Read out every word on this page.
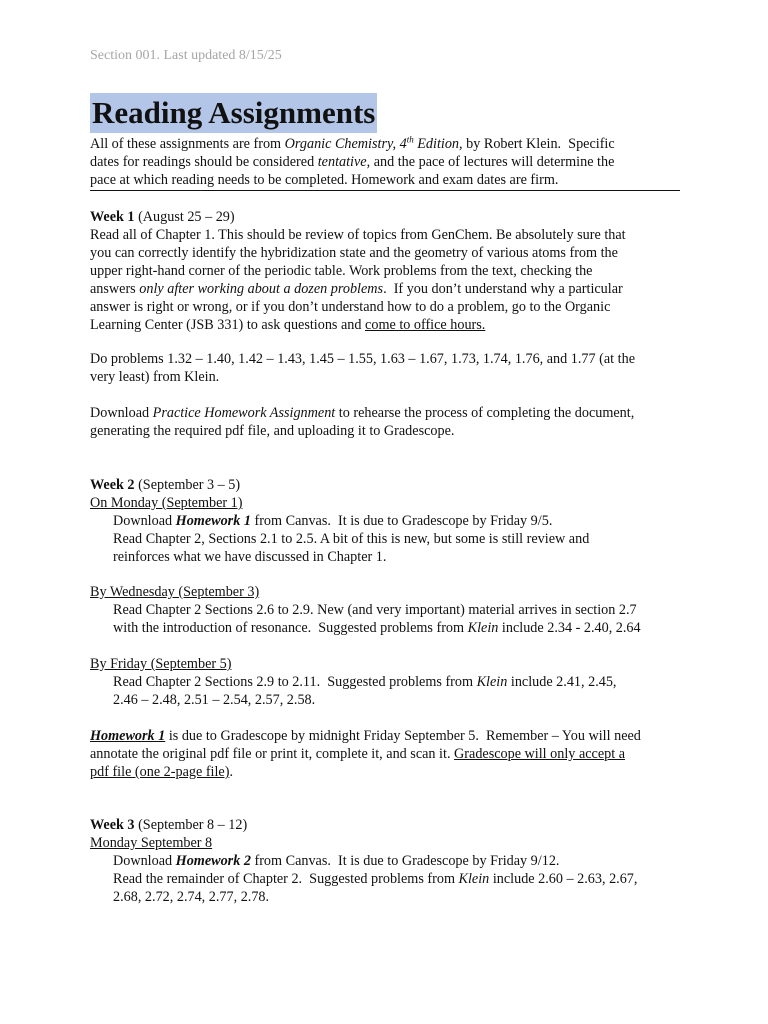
Section 001. Last updated 8/15/25
Reading Assignments
All of these assignments are from Organic Chemistry, 4th Edition, by Robert Klein.  Specific
dates for readings should be considered tentative, and the pace of lectures will determine the
pace at which reading needs to be completed. Homework and exam dates are firm.
Week 1 (August 25 – 29)
Read all of Chapter 1. This should be review of topics from GenChem. Be absolutely sure that
you can correctly identify the hybridization state and the geometry of various atoms from the
upper right-hand corner of the periodic table. Work problems from the text, checking the
answers only after working about a dozen problems.  If you don’t understand why a particular
answer is right or wrong, or if you don’t understand how to do a problem, go to the Organic
Learning Center (JSB 331) to ask questions and come to office hours.
Do problems 1.32 – 1.40, 1.42 – 1.43, 1.45 – 1.55, 1.63 – 1.67, 1.73, 1.74, 1.76, and 1.77 (at the
very least) from Klein.
Download Practice Homework Assignment to rehearse the process of completing the document,
generating the required pdf file, and uploading it to Gradescope.
Week 2 (September 3 – 5)
On Monday (September 1)
Download Homework 1 from Canvas.  It is due to Gradescope by Friday 9/5.
Read Chapter 2, Sections 2.1 to 2.5. A bit of this is new, but some is still review and
reinforces what we have discussed in Chapter 1.
By Wednesday (September 3)
Read Chapter 2 Sections 2.6 to 2.9. New (and very important) material arrives in section 2.7
with the introduction of resonance.  Suggested problems from Klein include 2.34 - 2.40, 2.64
By Friday (September 5)
Read Chapter 2 Sections 2.9 to 2.11.  Suggested problems from Klein include 2.41, 2.45,
2.46 – 2.48, 2.51 – 2.54, 2.57, 2.58.
Homework 1 is due to Gradescope by midnight Friday September 5.  Remember – You will need
annotate the original pdf file or print it, complete it, and scan it. Gradescope will only accept a
pdf file (one 2-page file).
Week 3 (September 8 – 12)
Monday September 8
Download Homework 2 from Canvas.  It is due to Gradescope by Friday 9/12.
Read the remainder of Chapter 2.  Suggested problems from Klein include 2.60 – 2.63, 2.67,
2.68, 2.72, 2.74, 2.77, 2.78.
